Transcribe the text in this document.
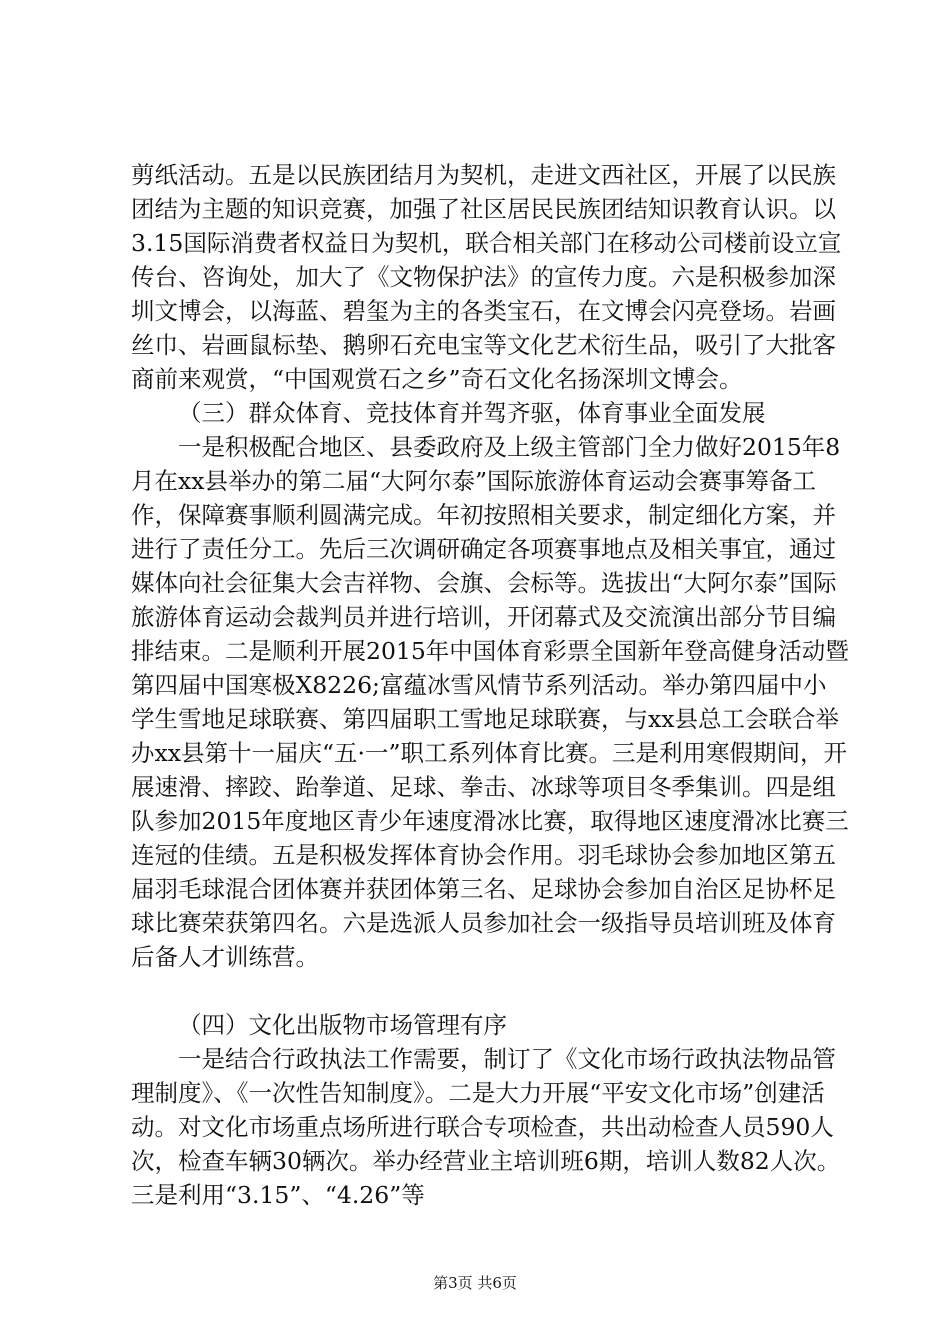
剪纸活动。五是以民族团结月为契机，走进文西社区，开展了以民族团结为主题的知识竞赛，加强了社区居民民族团结知识教育认识。以3.15国际消费者权益日为契机，联合相关部门在移动公司楼前设立宣传台、咨询处，加大了《文物保护法》的宣传力度。六是积极参加深圳文博会，以海蓝、碧玺为主的各类宝石，在文博会闪亮登场。岩画丝巾、岩画鼠标垫、鹅卵石充电宝等文化艺术衍生品，吸引了大批客商前来观赏，“中国观赏石之乡”奇石文化名扬深圳文博会。

（三）群众体育、竞技体育并驾齐驱，体育事业全面发展

一是积极配合地区、县委政府及上级主管部门全力做好2015年8月在xx县举办的第二届“大阿尔泰”国际旅游体育运动会赛事筹备工作，保障赛事顺利圆满完成。年初按照相关要求，制定细化方案，并进行了责任分工。先后三次调研确定各项赛事地点及相关事宜，通过媒体向社会征集大会吉祥物、会旗、会标等。选拔出“大阿尔泰”国际旅游体育运动会裁判员并进行培训，开闭幕式及交流演出部分节目编排结束。二是顺利开展2015年中国体育彩票全国新年登高健身活动暨第四届中国寒极X8226;富蕴冰雪风情节系列活动。举办第四届中小学生雪地足球联赛、第四届职工雪地足球联赛，与xx县总工会联合举办xx县第十一届庆“五·一”职工系列体育比赛。三是利用寒假期间，开展速滑、摔跤、跆拳道、足球、拳击、冰球等项目冬季集训。四是组队参加2015年度地区青少年速度滑冰比赛，取得地区速度滑冰比赛三连冠的佳绩。五是积极发挥体育协会作用。羽毛球协会参加地区第五届羽毛球混合团体赛并获团体第三名、足球协会参加自治区足协杯足球比赛荣获第四名。六是选派人员参加社会一级指导员培训班及体育后备人才训练营。

（四）文化出版物市场管理有序

一是结合行政执法工作需要，制订了《文化市场行政执法物品管理制度》、《一次性告知制度》。二是大力开展“平安文化市场”创建活动。对文化市场重点场所进行联合专项检查，共出动检查人员590人次，检查车辆30辆次。举办经营业主培训班6期，培训人数82人次。三是利用“3.15”、“4.26”等

第3页 共6页
